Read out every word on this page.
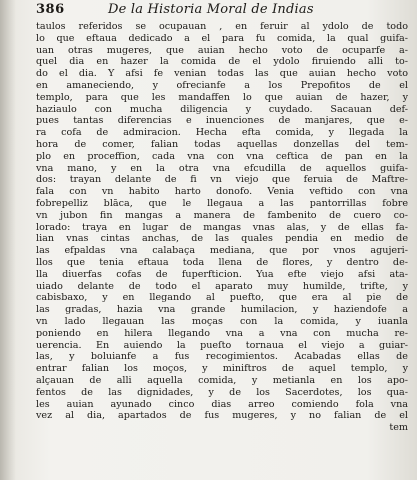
386	De la Historia Moral de Indias
taulos referidos se ocupauan , en feruir al ydolo de todo
lo que eftaua dedicado a el para fu comida, la qual guifa-
uan otras mugeres, que auian hecho voto de ocuparfe a-
quel dia en hazer la comida de el ydolo firuiendo alli to-
do el dia. Y afsi fe venian todas las que auian hecho voto
en amaneciendo, y ofrecianfe a los Prepofitos de el
templo, para que les mandaffen lo que auian de hazer, y
haziaulo con mucha diligencia y cuydado. Sacauan def-
pues tantas diferencias e inuenciones de manjares, que e-
ra cofa de admiracion. Hecha efta comida, y llegada la
hora de comer, falian todas aquellas donzellas del tem-
plo en proceffion, cada vna con vna cefticа de pan en la
vna mano, y en la otra vna efcudilla de aquellos guifa-
dos: trayan delante de fi vn viejo que feruia de Maftre-
fala con vn habito harto donofo. Venia veftido con vna
fobrepelliz blāca, que le llegaua a las pantorrillas fobre
vn jubon fin mangas a manera de fambenito de cuero co-
lorado: traya en lugar de mangas vnas alas, y de ellas fa-
lian vnas cintas anchas, de las quales pendia en medio de
las efpaldas vna calabaça mediana, que por vnos agujeri-
llos que tenia eftaua toda llena de flores, y dentro de-
lla diuerfas cofas de fuperfticion. Yua efte viejo afsi ata-
uiado delante de todo el aparato muy humilde, trifte, y
cabisbaxo, y en llegando al puefto, que era al pie de
las gradas, hazia vna grande humilacion, y haziendofe a
vn lado llegauan las moças con la comida, y iuanla
poniendo en hilera llegando vna a vna con mucha re-
uerencia. En auiendo la pueſto tornaua el viejo a guiar-
las, y boluianfe a fus recogimientos. Acabadas ellas de
entrar falian los moços, y miniftros de aquel templo, y
alçauan de alli aquella comida, y metianla en los apo-
fentos de las dignidades, y de los Sacerdotes, los qua-
les auian ayunado cinco dias arreo comiendo fola vna
vez al dia, apartados de fus mugeres, y no falian de el
tem
